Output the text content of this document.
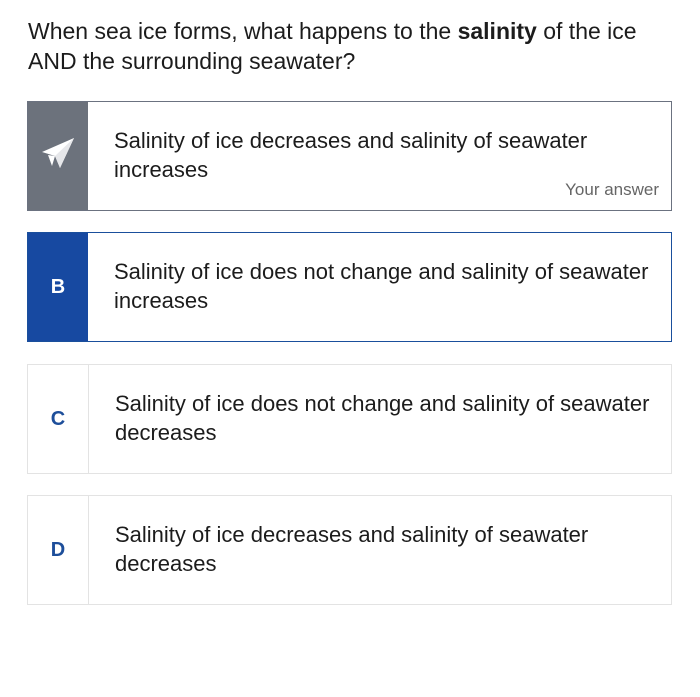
When sea ice forms, what happens to the salinity of the ice AND the surrounding seawater?
Salinity of ice decreases and salinity of seawater increases
Your answer
B
Salinity of ice does not change and salinity of seawater increases
C
Salinity of ice does not change and salinity of seawater decreases
D
Salinity of ice decreases and salinity of seawater decreases
